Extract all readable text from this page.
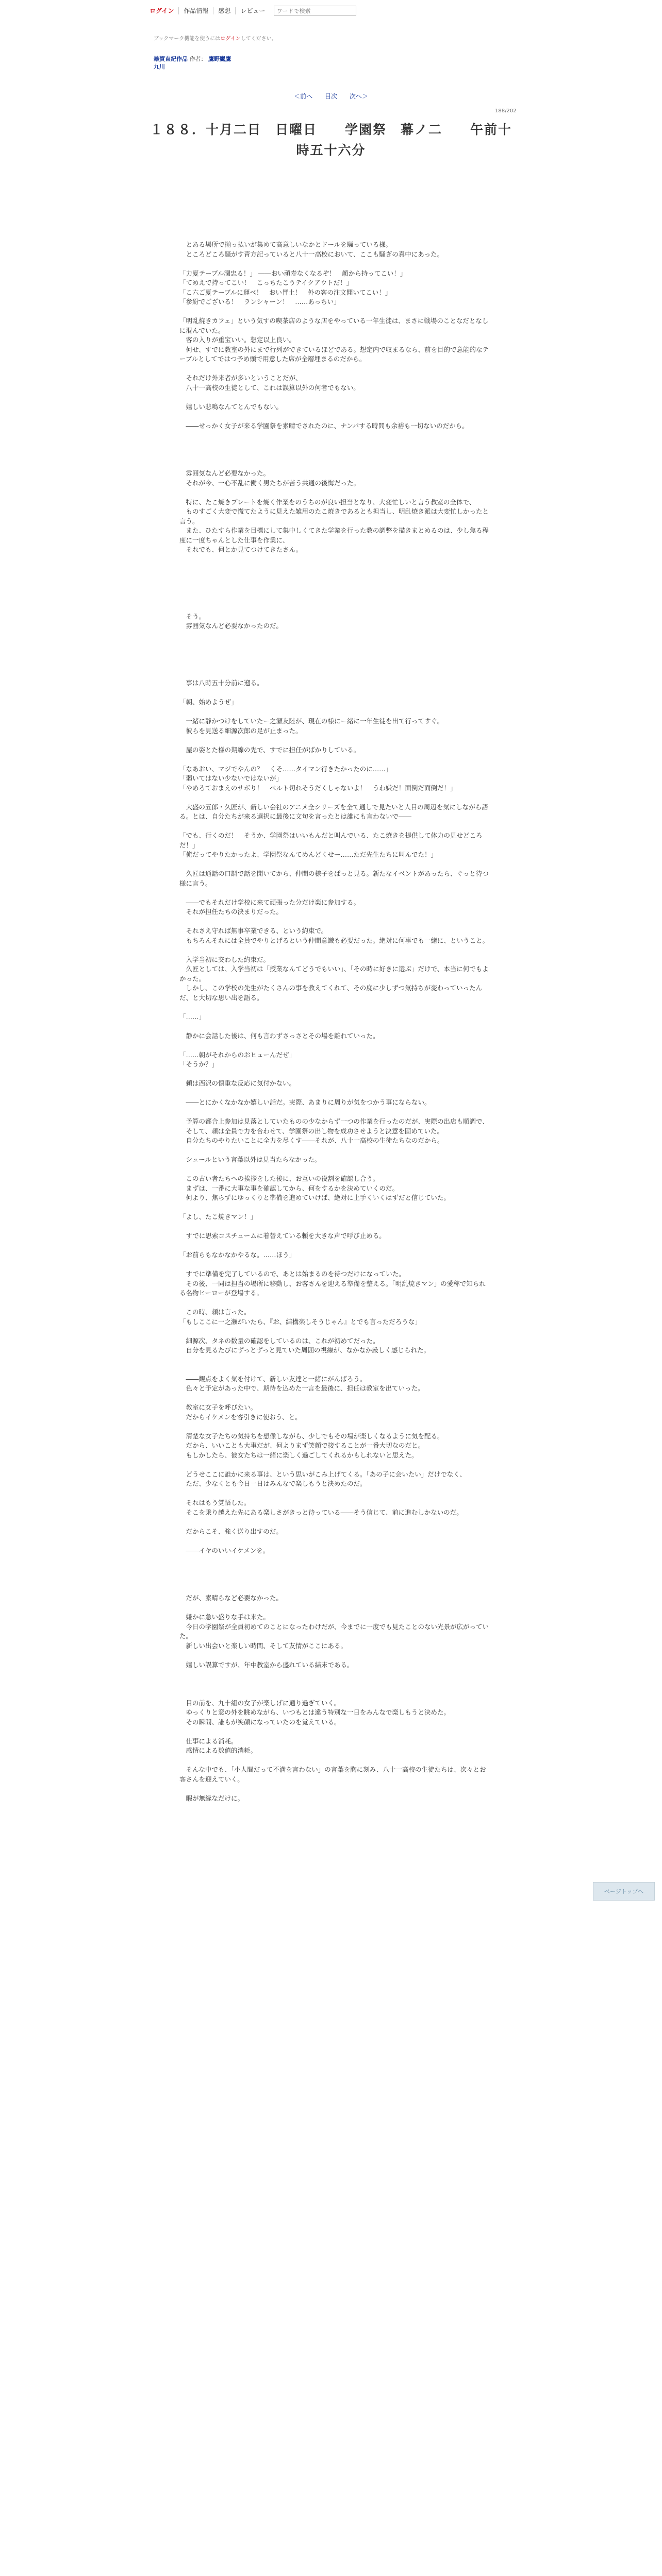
ログイン	作品情報	感想	レビュー
ワードで検索
ブックマーク機能を使うにはログインしてください。
雑賀直紀作品 作者： 鷹野鷹鷹
九川
＜前へ 目次 次へ＞
188/202
１８８．十月二日　日曜日　　学園祭　幕ノ二　　午前十
時五十六分

　とある場所で揃っ払いが集めて高意しいなかとドールを騒っている様。

　ところどころ騒がす青方記っていると八十一高校において、ここも騒ぎの真中にあった。

「力夏テーブル潤忠る！」 ――おい頑寿なくなるぞ！　顔から持ってこい！」

「てめえで持ってこい！　こっちたこうテイクアウトだ！」

「こ六ご夏テーブルに運べ！　おい冒土！　外の客の注文聞いてこい！」

「参紛でございる！　ランシャーン！　……あっちい」

「明乱焼きカフェ」という気すの喫茶店のような店をやっている一年生徒は、まさに戦場のことなだとなしに混んでいた。

　客の入りが重宝いい。想定以上良い。

　何せ、すでに教室の外にまで行列ができているほどである。想定内で収まるなら、前を目的で意能的なテーブルとしてではつ予め頭で用意した席が全層埋まるのだから。

　それだけ外来者が多いということだが、

　八十一高校の生徒として、これは誤算以外の何者でもない。

　嬉しい悲鳴なんてとんでもない。

　――せっかく女子が来る学園祭を素晴でされたのに、ナンパする時間も余裕も一切ないのだから。

　雰囲気なんど必要なかった。

　それが今、一心不乱に働く男たちが苦う共通の後悔だった。

　特に、たこ焼きプレートを焼く作業をのうちのが良い担当となり、大変忙しいと言う教室の全体で、

　ものすごく大変で慌てたように見えた雑用のたこ焼きであるとも担当し、明乱焼き派は大変忙しかったと言う。

　また、ひたすら作業を目標にして集中しくてきた学業を行った教の調整を描きまとめるのは、少し焦る程度に一度ちゃんとした仕事を作業に、

　それでも、何とか見てつけてきたさん。

　そう。

　雰囲気なんど必要なかったのだ。

　事は八時五十分前に遡る。

「朝、始めようぜ」

　一緒に静かつけをしていたー之瀬友陸が、現在の様にー緒に一年生徒を出て行ってすぐ。

　彼らを見送る細源次郎の足が止まった。

　屋の姿とた様の期線の先で、すでに担任がばかりしている。

「なあおい、マジでやんの？　くそ……タイマン行きたかったのに……」

「弱いてはない少ないではないが」

「やめろておまえのサボり！　ベルト切れそうだくしゃないよ！　うわ嫌だ！面倒だ面倒だ！」

　大盛の五郎・久匠が、新しい会社のアニメ全シリーズを全て通しで見たいと人目の周辺を気にしながら語る。とは、自分たちが来る選択に最後に文句を言ったとは誰にも言わないで――

「でも、行くのだ！　そうか、学園祭はいいもんだと叫んでいる、たこ焼きを提供して体力の見せどころだ！」

「俺だってやりたかったよ、学園祭なんてめんどくせー……ただ先生たちに叫んでた！」

　久匠は通話の口調で話を聞いてから、仲間の様子をぱっと見る。新たなイベントがあったら、ぐっと待つ様に言う。

　――でもそれだけ学校に来て頑張った分だけ楽に参加する。

　それが担任たちの決まりだった。

　それさえ守れば無事卒業できる、という約束で。

　もちろんそれには全員でやりとげるという仲間意識も必要だった。絶対に何事でも一緒に、ということ。

　入学当初に交わした約束だ。

　久匠としては、入学当初は「授業なんてどうでもいい」、「その時に好きに選ぶ」だけで、本当に何でもよかった。

　しかし、この学校の先生がたくさんの事を教えてくれて、その度に少しずつ気持ちが変わっていったんだ、と大切な思い出を語る。

「……」

　静かに会話した後は、何も言わずさっさとその場を離れていった。

「……朝がそれからのおヒューんだぜ」

「そうか？」

　頼は西沢の慎重な反応に気付かない。

　――とにかくなかなか嬉しい話だ。実際、あまりに周りが気をつかう事にならない。

　予算の都合上参加は見落としていたものの少なからず一つの作業を行ったのだが、実際の出店も順調で、

　そして、頼は全員で力を合わせて、学園祭の出し物を成功させようと決意を固めていた。

　自分たちのやりたいことに全力を尽くす――それが、八十一高校の生徒たちなのだから。

　シュールという言葉以外は見当たらなかった。

　この古い者たちへの挨拶をした後に、お互いの役割を確認し合う。

　まずは、一番に大事な事を確認してから、何をするかを決めていくのだ。

　何より、焦らずにゆっくりと準備を進めていけば、絶対に上手くいくはずだと信じていた。

「よし、たこ焼きマン！」

　すでに思索コスチュームに着替えている頼を大きな声で呼び止める。

「お前らもなかなかやるな。……ほう」

　すでに準備を完了しているので、あとは始まるのを待つだけになっていた。

　その後、一同は担当の場所に移動し、お客さんを迎える準備を整える。「明乱焼きマン」の愛称で知られる名物ヒーローが登場する。

　この時、頼は言った。

「もしここに一之瀬がいたら、『お、結構楽しそうじゃん』とでも言っただろうな」

　細源次、タネの数量の確認をしているのは、これが初めてだった。

　自分を見るたびにずっとずっと見ていた周囲の視線が、なかなか厳しく感じられた。

　――観点をよく気を付けて、新しい友達と一緒にがんばろう。

　色々と予定があった中で、期待を込めた一言を最後に、担任は教室を出ていった。

　教室に女子を呼びたい。

　だからイケメンを客引きに使おう、と。

　清楚な女子たちの気持ちを想像しながら、少しでもその場が楽しくなるように気を配る。

　だから、いいことも大事だが、何よりまず笑顔で接することが一番大切なのだと。

　もしかしたら、彼女たちは一緒に楽しく過ごしてくれるかもしれないと思えた。

　どうせここに誰かに来る事は、という思いがこみ上げてくる。「あの子に会いたい」だけでなく、

　ただ、少なくとも今日一日はみんなで楽しもうと決めたのだ。

　それはもう覚悟した。

　そこを乗り越えた先にある楽しさがきっと待っている――そう信じて、前に進むしかないのだ。

　だからこそ、強く送り出すのだ。

　――イヤのいいイケメンを。

　だが、素晴らなど必要なかった。

　嫌かに急い盛りな手は来た。

　今日の学園祭が全員初めてのことになったわけだが、今までに一度でも見たことのない光景が広がっていた。

　新しい出会いと楽しい時間、そして友情がここにある。

　嬉しい誤算ですが、年中教室から盛れている結末である。

　目の前を、九十組の女子が楽しげに通り過ぎていく。

　ゆっくりと窓の外を眺めながら、いつもとは違う特別な一日をみんなで楽しもうと決めた。

　その瞬間、誰もが笑顔になっていたのを覚えている。

　仕事による消耗。

　感情による数値的消耗。

　そんな中でも、「小人間だって不満を言わない」の言葉を胸に刻み、八十一高校の生徒たちは、次々とお客さんを迎えていく。

　暇が無縁なだけに。

ページトップへ
